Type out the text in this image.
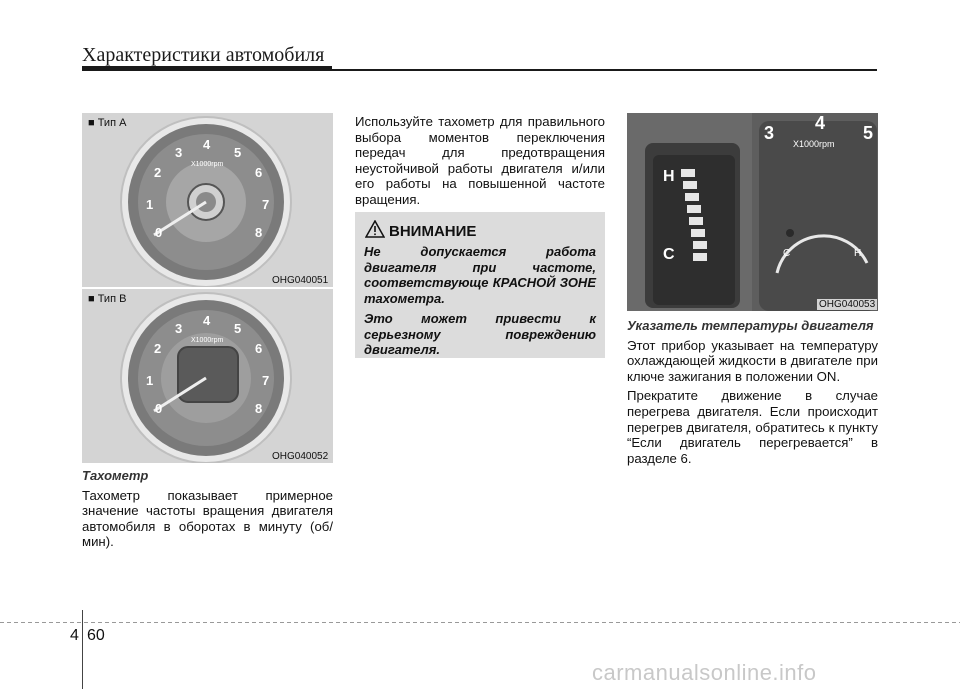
Характеристики автомобиля
■ Тип A
0
1
2
3
4
5
6
7
8
X1000rpm
OHG040051
■ Тип B
0
1
2
3
4
5
6
7
8
X1000rpm
OHG040052
Тахометр

Тахометр показывает примерное значение частоты вращения двигателя автомобиля в оборотах в минуту (об/мин).

Используйте тахометр для правильного выбора моментов переключения передач для предотвращения неустойчивой работы двигателя и/или его работы на повышенной частоте вращения.

ВНИМАНИЕ

Не допускается работа двигателя при частоте, соответствующе КРАСНОЙ ЗОНЕ тахометра.

Это может привести к серьезному повреждению двигателя.

H
C
3 4 5
X1000rpm
C	H
OHG040053
Указатель температуры двигателя

Этот прибор указывает на температуру охлаждающей жидкости в двигателе при ключе зажигания в положении ON.

Прекратите движение в случае перегрева двигателя. Если происходит перегрев двигателя, обратитесь к пункту “Если двигатель перегревается” в разделе 6.

4 60
carmanualsonline.info
